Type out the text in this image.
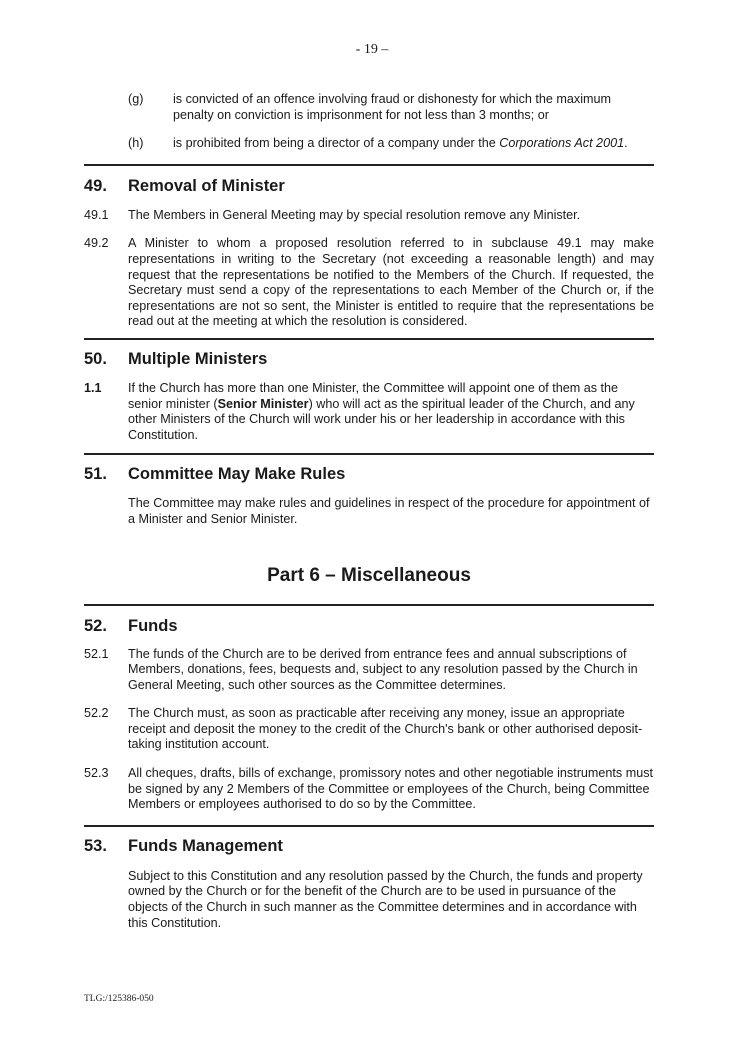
- 19 –
(g)	is convicted of an offence involving fraud or dishonesty for which the maximum penalty on conviction is imprisonment for not less than 3 months; or
(h)	is prohibited from being a director of a company under the Corporations Act 2001.
49.	Removal of Minister
49.1	The Members in General Meeting may by special resolution remove any Minister.
49.2	A Minister to whom a proposed resolution referred to in subclause 49.1 may make representations in writing to the Secretary (not exceeding a reasonable length) and may request that the representations be notified to the Members of the Church. If requested, the Secretary must send a copy of the representations to each Member of the Church or, if the representations are not so sent, the Minister is entitled to require that the representations be read out at the meeting at which the resolution is considered.
50.	Multiple Ministers
1.1	If the Church has more than one Minister, the Committee will appoint one of them as the senior minister (Senior Minister) who will act as the spiritual leader of the Church, and any other Ministers of the Church will work under his or her leadership in accordance with this Constitution.
51.	Committee May Make Rules
The Committee may make rules and guidelines in respect of the procedure for appointment of a Minister and Senior Minister.
Part 6 – Miscellaneous
52.	Funds
52.1	The funds of the Church are to be derived from entrance fees and annual subscriptions of Members, donations, fees, bequests and, subject to any resolution passed by the Church in General Meeting, such other sources as the Committee determines.
52.2	The Church must, as soon as practicable after receiving any money, issue an appropriate receipt and deposit the money to the credit of the Church's bank or other authorised deposit-taking institution account.
52.3	All cheques, drafts, bills of exchange, promissory notes and other negotiable instruments must be signed by any 2 Members of the Committee or employees of the Church, being Committee Members or employees authorised to do so by the Committee.
53.	Funds Management
Subject to this Constitution and any resolution passed by the Church, the funds and property owned by the Church or for the benefit of the Church are to be used in pursuance of the objects of the Church in such manner as the Committee determines and in accordance with this Constitution.
TLG:/125386-050
